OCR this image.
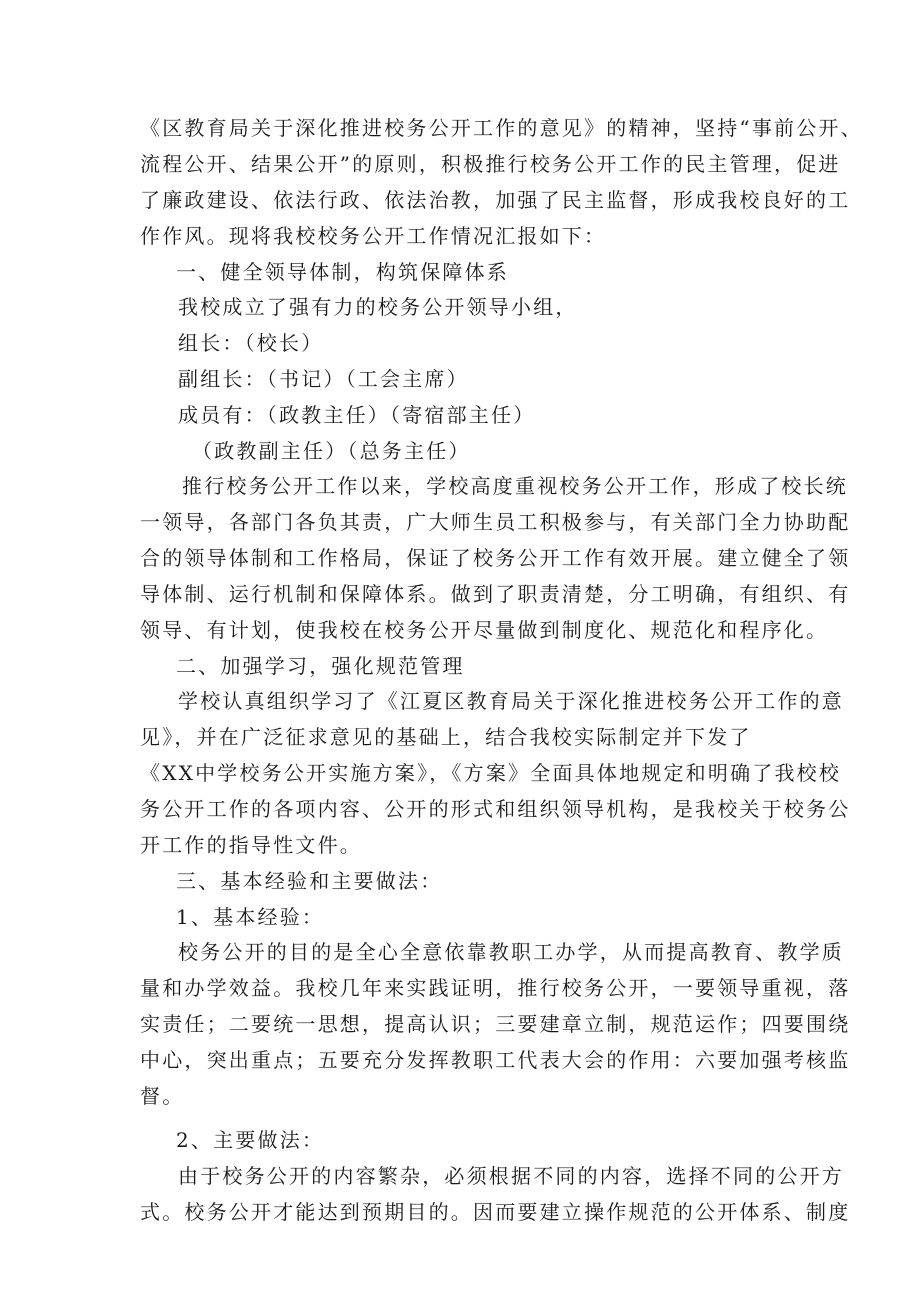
《区教育局关于深化推进校务公开工作的意见》的精神，坚持“事前公开、
流程公开、结果公开”的原则，积极推行校务公开工作的民主管理，促进
了廉政建设、依法行政、依法治教，加强了民主监督，形成我校良好的工
作作风。现将我校校务公开工作情况汇报如下：
一、健全领导体制，构筑保障体系
我校成立了强有力的校务公开领导小组，
组长：（校长）
副组长：（书记）（工会主席）
成员有：（政教主任）（寄宿部主任）
（政教副主任）（总务主任）
推行校务公开工作以来，学校高度重视校务公开工作，形成了校长统
一领导，各部门各负其责，广大师生员工积极参与，有关部门全力协助配
合的领导体制和工作格局，保证了校务公开工作有效开展。建立健全了领
导体制、运行机制和保障体系。做到了职责清楚，分工明确，有组织、有
领导、有计划，使我校在校务公开尽量做到制度化、规范化和程序化。
二、加强学习，强化规范管理
学校认真组织学习了《江夏区教育局关于深化推进校务公开工作的意
见》，并在广泛征求意见的基础上，结合我校实际制定并下发了
《XX中学校务公开实施方案》，《方案》全面具体地规定和明确了我校校
务公开工作的各项内容、公开的形式和组织领导机构，是我校关于校务公
开工作的指导性文件。
三、基本经验和主要做法：
1、基本经验：
校务公开的目的是全心全意依靠教职工办学，从而提高教育、教学质
量和办学效益。我校几年来实践证明，推行校务公开，一要领导重视，落
实责任；二要统一思想，提高认识；三要建章立制，规范运作；四要围绕
中心，突出重点；五要充分发挥教职工代表大会的作用：六要加强考核监
督。
2、主要做法：
由于校务公开的内容繁杂，必须根据不同的内容，选择不同的公开方
式。校务公开才能达到预期目的。因而要建立操作规范的公开体系、制度
